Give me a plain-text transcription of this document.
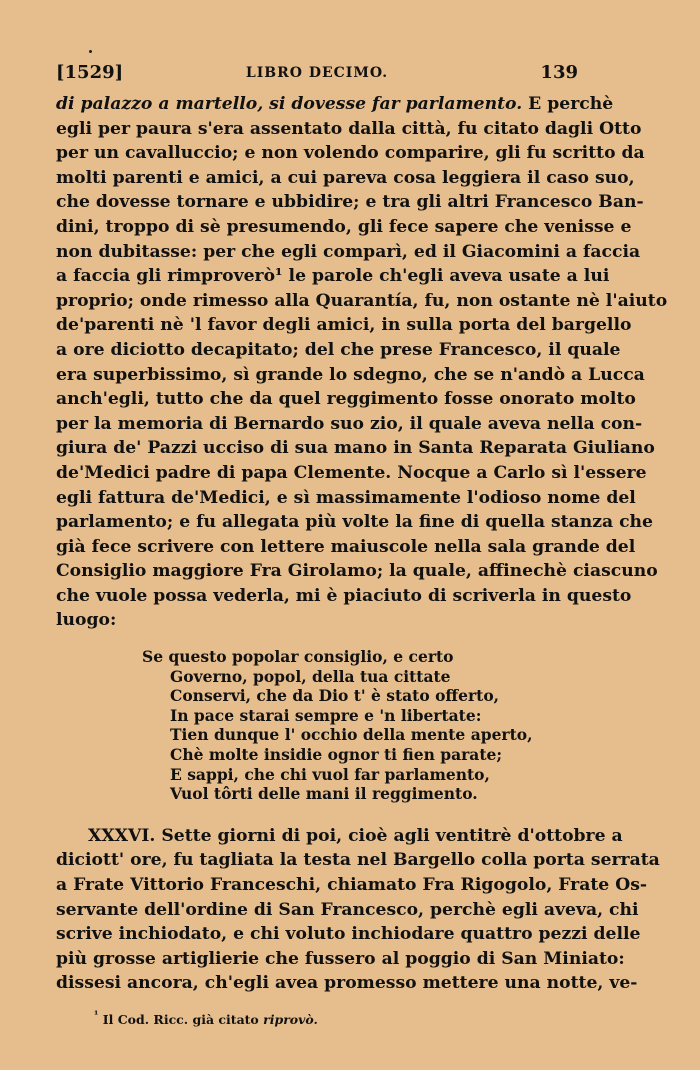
[1529]	LIBRO DECIMO.	139
di palazzo a martello, si dovesse far parlamento. E perchè
egli per paura s'era assentato dalla città, fu citato dagli Otto
per un cavalluccio; e non volendo comparire, gli fu scritto da
molti parenti e amici, a cui pareva cosa leggiera il caso suo,
che dovesse tornare e ubbidire; e tra gli altri Francesco Ban-
dini, troppo di sè presumendo, gli fece sapere che venisse e
non dubitasse: per che egli comparì, ed il Giacomini a faccia
a faccia gli rimproverò¹ le parole ch'egli aveva usate a lui
proprio; onde rimesso alla Quarantía, fu, non ostante nè l'aiuto
de'parenti nè 'l favor degli amici, in sulla porta del bargello
a ore diciotto decapitato; del che prese Francesco, il quale
era superbissimo, sì grande lo sdegno, che se n'andò a Lucca
anch'egli, tutto che da quel reggimento fosse onorato molto
per la memoria di Bernardo suo zio, il quale aveva nella con-
giura de' Pazzi ucciso di sua mano in Santa Reparata Giuliano
de'Medici padre di papa Clemente. Nocque a Carlo sì l'essere
egli fattura de'Medici, e sì massimamente l'odioso nome del
parlamento; e fu allegata più volte la fine di quella stanza che
già fece scrivere con lettere maiuscole nella sala grande del
Consiglio maggiore Fra Girolamo; la quale, affinechè ciascuno
che vuole possa vederla, mi è piaciuto di scriverla in questo
luogo:
Se questo popolar consiglio, e certo
Governo, popol, della tua cittate
Conservi, che da Dio t' è stato offerto,
In pace starai sempre e 'n libertate:
Tien dunque l' occhio della mente aperto,
Chè molte insidie ognor ti fien parate;
E sappi, che chi vuol far parlamento,
Vuol tôrti delle mani il reggimento.
XXXVI. Sette giorni di poi, cioè agli ventitrè d'ottobre a
diciott' ore, fu tagliata la testa nel Bargello colla porta serrata
a Frate Vittorio Franceschi, chiamato Fra Rigogolo, Frate Os-
servante dell'ordine di San Francesco, perchè egli aveva, chi
scrive inchiodato, e chi voluto inchiodare quattro pezzi delle
più grosse artiglierie che fussero al poggio di San Miniato:
dissesi ancora, ch'egli avea promesso mettere una notte, ve-
$^{^1}$ Il Cod. Ricc. già citato riprovò.
